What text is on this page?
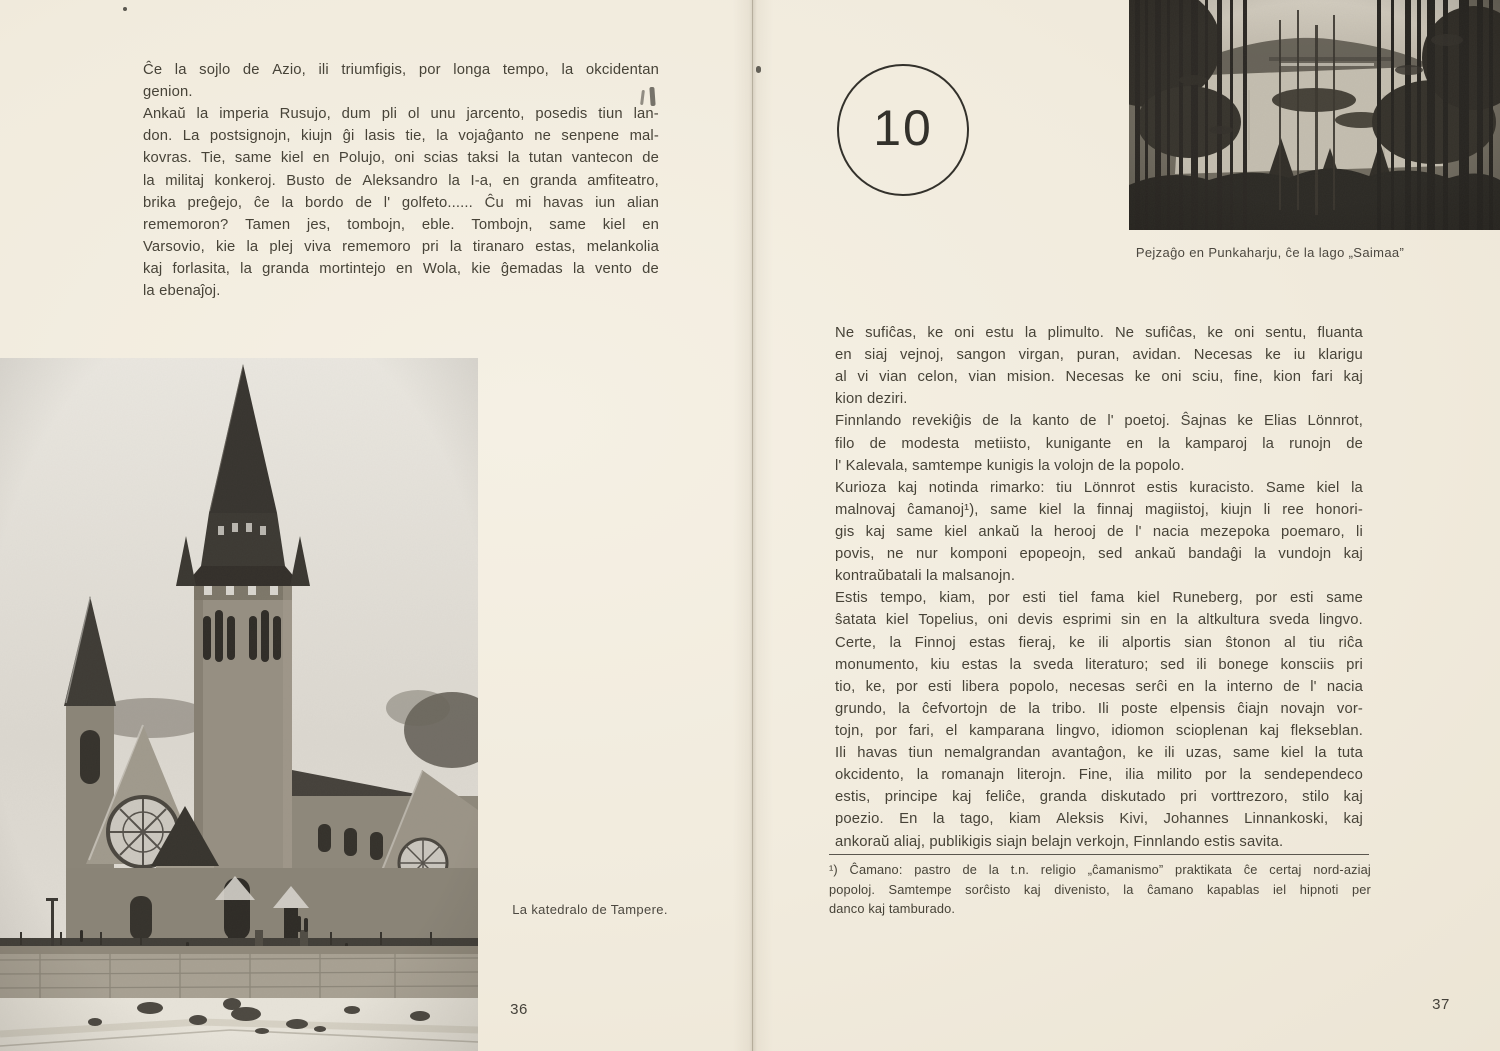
Ĉe la sojlo de Azio, ili triumfigis, por longa tempo, la okcidentan
genion.
Ankaŭ la imperia Rusujo, dum pli ol unu jarcento, posedis tiun lan-
don. La postsignojn, kiujn ĝi lasis tie, la vojaĝanto ne senpene mal-
kovras. Tie, same kiel en Polujo, oni scias taksi la tutan vantecon de
la militaj konkeroj. Busto de Aleksandro la I-a, en granda amfiteatro,
brika preĝejo, ĉe la bordo de l' golfeto...... Ĉu mi havas iun alian
rememoron? Tamen jes, tombojn, eble. Tombojn, same kiel en
Varsovio, kie la plej viva rememoro pri la tiranaro estas, melankolia
kaj forlasita, la granda mortintejo en Wola, kie ĝemadas la vento de
la ebenaĵoj.
La katedralo de Tampere.
36
10
Pejzaĝo en Punkaharju, ĉe la lago „Saimaa”
Ne sufiĉas, ke oni estu la plimulto. Ne sufiĉas, ke oni sentu, fluanta
en siaj vejnoj, sangon virgan, puran, avidan. Necesas ke iu klarigu
al vi vian celon, vian mision. Necesas ke oni sciu, fine, kion fari kaj
kion deziri.
Finnlando revekiĝis de la kanto de l' poetoj. Ŝajnas ke Elias Lönnrot,
filo de modesta metiisto, kunigante en la kamparoj la runojn de
l' Kalevala, samtempe kunigis la volojn de la popolo.
Kurioza kaj notinda rimarko: tiu Lönnrot estis kuracisto. Same kiel la
malnovaj ĉamanoj¹), same kiel la finnaj magiistoj, kiujn li ree honori-
gis kaj same kiel ankaŭ la herooj de l' nacia mezepoka poemaro, li
povis, ne nur komponi epopeojn, sed ankaŭ bandaĝi la vundojn kaj
kontraŭbatali la malsanojn.
Estis tempo, kiam, por esti tiel fama kiel Runeberg, por esti same
ŝatata kiel Topelius, oni devis esprimi sin en la altkultura sveda lingvo.
Certe, la Finnoj estas fieraj, ke ili alportis sian ŝtonon al tiu riĉa
monumento, kiu estas la sveda literaturo; sed ili bonege konsciis pri
tio, ke, por esti libera popolo, necesas serĉi en la interno de l' nacia
grundo, la ĉefvortojn de la tribo. Ili poste elpensis ĉiajn novajn vor-
tojn, por fari, el kamparana lingvo, idiomon scioplenan kaj flekseblan.
Ili havas tiun nemalgrandan avantaĝon, ke ili uzas, same kiel la tuta
okcidento, la romanajn literojn. Fine, ilia milito por la sendependeco
estis, principe kaj feliĉe, granda diskutado pri vorttrezoro, stilo kaj
poezio. En la tago, kiam Aleksis Kivi, Johannes Linnankoski, kaj
ankoraŭ aliaj, publikigis siajn belajn verkojn, Finnlando estis savita.
¹) Ĉamano: pastro de la t.n. religio „ĉamanismo” praktikata ĉe certaj nord-aziaj
popoloj. Samtempe sorĉisto kaj divenisto, la ĉamano kapablas iel hipnoti per
danco kaj tamburado.
37
